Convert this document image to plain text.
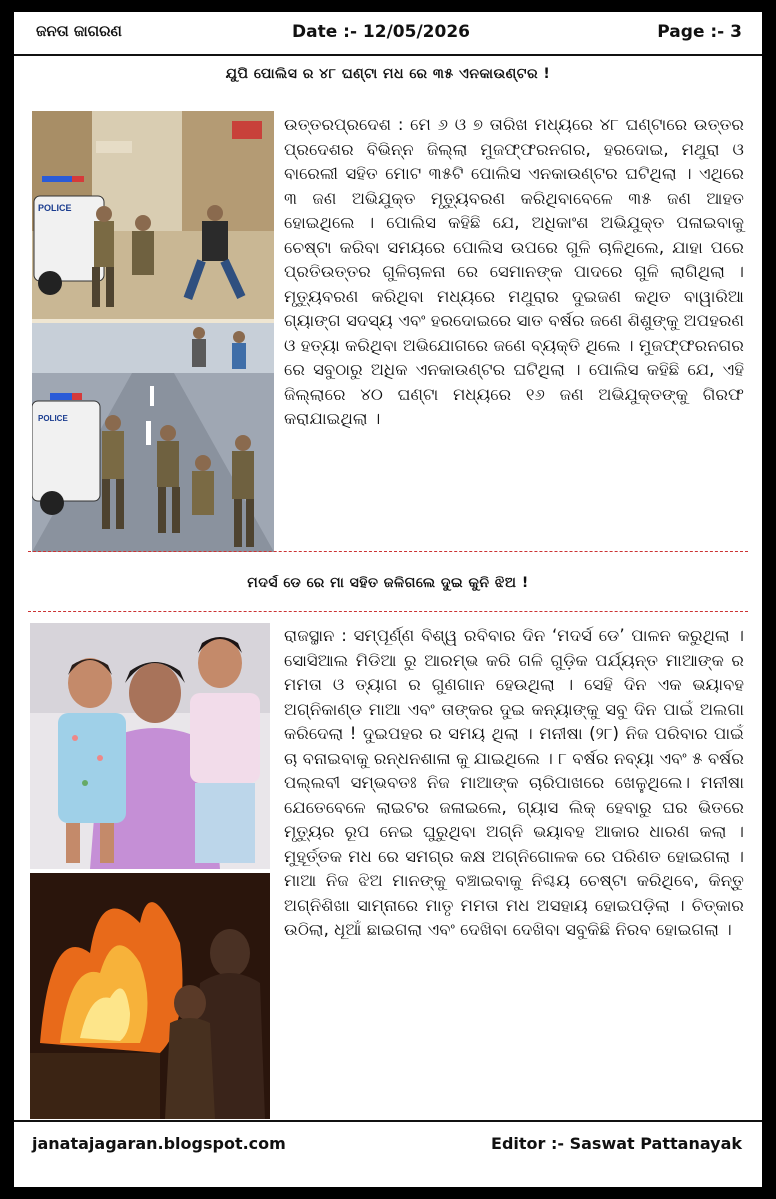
ଜନତା ଜାଗରଣ	Date :- 12/05/2026	Page :- 3
ଯୁପି ପୋଲିସ ର ୪୮ ଘଣ୍ଟା ମଧ ରେ ୩୫ ଏନକାଉଣ୍ଟର !
POLICE
POLICE
ଉତ୍ତରପ୍ରଦେଶ : ମେ ୬ ଓ ୭ ତାରିଖ ମଧ୍ୟରେ ୪୮ ଘଣ୍ଟାରେ ଉତ୍ତର ପ୍ରଦେଶର ବିଭିନ୍ନ ଜିଲ୍ଲା ମୁଜଫ୍ଫରନଗର, ହରଦୋଇ, ମଥୁରା ଓ ବାରେଲୀ ସହିତ ମୋଟ ୩୫ଟି ପୋଲିସ ଏନକାଉଣ୍ଟର ଘଟିଥିଲା । ଏଥିରେ ୩ ଜଣ ଅଭିଯୁକ୍ତ ମୃତ୍ୟୁବରଣ କରିଥିବାବେଳେ ୩୫ ଜଣ ଆହତ ହୋଇଥିଲେ । ପୋଲିସ କହିଛି ଯେ, ଅଧିକାଂଶ ଅଭିଯୁକ୍ତ ପଳାଇବାକୁ ଚେଷ୍ଟା କରିବା ସମୟରେ ପୋଲିସ ଉପରେ ଗୁଳି ଚାଳିଥିଲେ, ଯାହା ପରେ ପ୍ରତିଉତ୍ତର ଗୁଳିଚାଳନା ରେ ସେମାନଙ୍କ ପାଦରେ ଗୁଳି ଲାଗିଥିଲା । ମୃତ୍ୟୁବରଣ କରିଥିବା ମଧ୍ୟରେ ମଥୁରାର ଦୁଇଜଣ କଥିତ ବାୱାରିଆ ଗ୍ୟାଙ୍ଗ ସଦସ୍ୟ ଏବଂ ହରଦୋଇରେ ସାତ ବର୍ଷର ଜଣେ ଶିଶୁଙ୍କୁ ଅପହରଣ ଓ ହତ୍ୟା କରିଥିବା ଅଭିଯୋଗରେ ଜଣେ ବ୍ୟକ୍ତି ଥିଲେ । ମୁଜଫ୍ଫରନଗର ରେ ସବୁଠାରୁ ଅଧିକ ଏନକାଉଣ୍ଟର ଘଟିଥିଲା । ପୋଲିସ କହିଛି ଯେ, ଏହି ଜିଲ୍ଲାରେ ୪୦ ଘଣ୍ଟା ମଧ୍ୟରେ ୧୬ ଜଣ ଅଭିଯୁକ୍ତଙ୍କୁ ଗିରଫ କରାଯାଇଥିଲା ।
ମଦର୍ସ ଡେ ରେ ମା ସହିତ ଜଳିଗଲେ ଦୁଇ କୁନି ଝିଅ !
ରାଜସ୍ଥାନ : ସମ୍ପୂର୍ଣ୍ଣ ବିଶ୍ୱ ରବିବାର ଦିନ ‘ମଦର୍ସ ଡେ’ ପାଳନ କରୁଥିଲା । ସୋସିଆଲ ମିଡିଆ ରୁ ଆରମ୍ଭ କରି ଗଳି ଗୁଡ଼ିକ ପର୍ଯ୍ୟନ୍ତ ମାଆଙ୍କ ର ମମତା ଓ ତ୍ୟାଗ ର ଗୁଣଗାନ ହେଉଥିଲା । ସେହି ଦିନ ଏକ ଭୟାବହ ଅଗ୍ନିକାଣ୍ଡ ମାଆ ଏବଂ ତାଙ୍କର ଦୁଇ କନ୍ୟାଙ୍କୁ ସବୁ ଦିନ ପାଇଁ ଅଲଗା କରିଦେଲା ! ଦୁଇପହର ର ସମୟ ଥିଲା । ମନୀଷା (୨୮) ନିଜ ପରିବାର ପାଇଁ ଚା ବନାଇବାକୁ ରନ୍ଧନଶାଳା କୁ ଯାଇଥିଲେ । ୮ ବର୍ଷର ନବ୍ୟା ଏବଂ ୫ ବର୍ଷର ପଲ୍ଲବୀ ସମ୍ଭବତଃ ନିଜ ମାଆଙ୍କ ଚାରିପାଖରେ ଖେଳୁଥିଲେ। ମନୀଷା ଯେତେବେଳେ ଲାଇଟର ଜଳାଇଲେ, ଗ୍ୟାସ ଲିକ୍ ହେବାରୁ ଘର ଭିତରେ ମୃତ୍ୟୁର ରୂପ ନେଇ ଘୁରୁଥିବା ଅଗ୍ନି ଭୟାବହ ଆକାର ଧାରଣ କଲା । ମୁହୂର୍ତ୍ତକ ମଧ ରେ ସମଗ୍ର କକ୍ଷ ଅଗ୍ନିଗୋଳକ ରେ ପରିଣତ ହୋଇଗଲା । ମାଆ ନିଜ ଝିଅ ମାନଙ୍କୁ ବଞ୍ଚାଇବାକୁ ନିଶ୍ଚୟ ଚେଷ୍ଟା କରିଥିବେ, କିନ୍ତୁ ଅଗ୍ନିଶିଖା ସାମ୍ନାରେ ମାତୃ ମମତା ମଧ ଅସହାୟ ହୋଇପଡ଼ିଲା । ଚିତ୍କାର ଉଠିଲା, ଧୂଆଁ ଛାଇଗଲା ଏବଂ ଦେଖିବା ଦେଖିବା ସବୁକିଛି ନିରବ ହୋଇଗଲା ।
janatajagaran.blogspot.com	Editor :- Saswat Pattanayak
